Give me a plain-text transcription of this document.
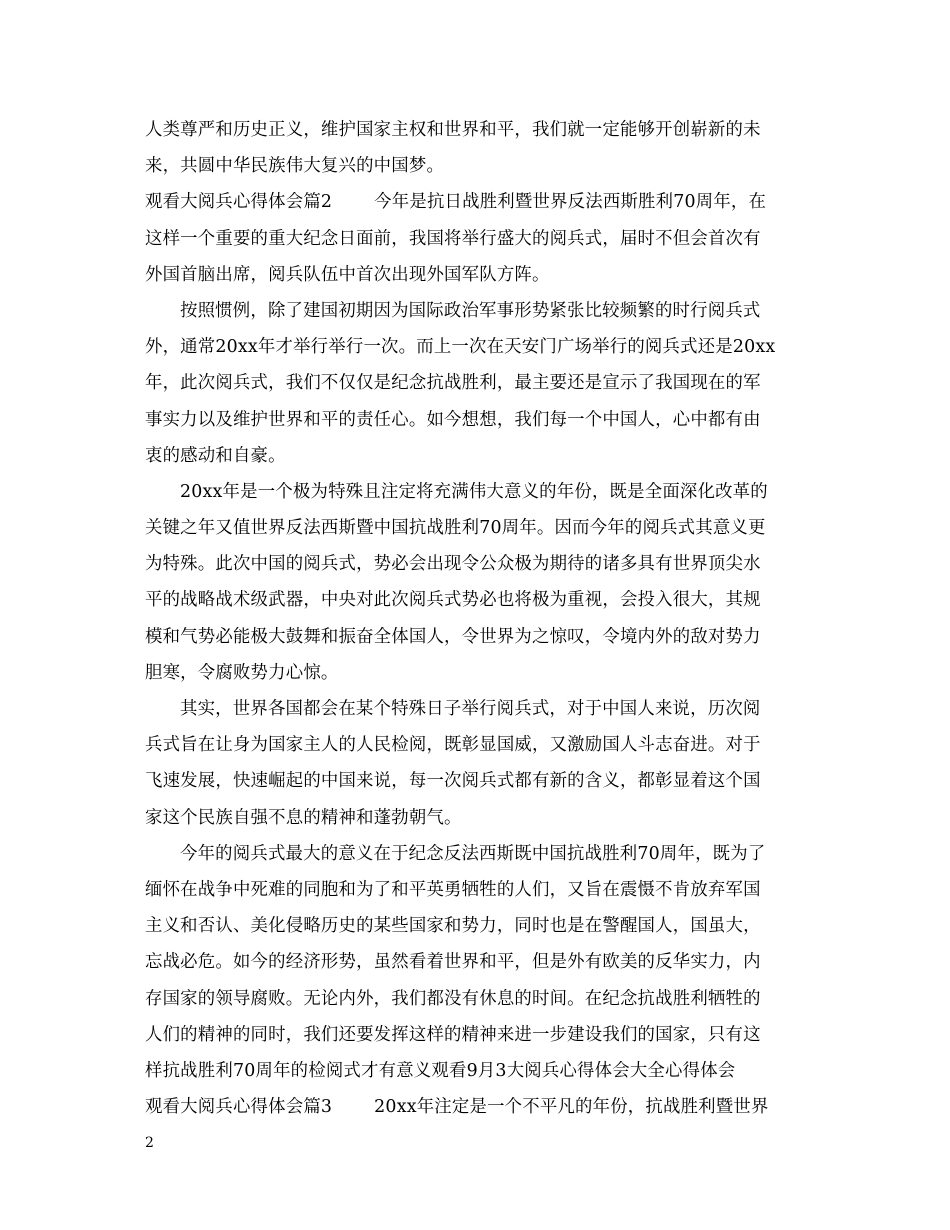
人类尊严和历史正义，维护国家主权和世界和平，我们就一定能够开创崭新的未
来，共圆中华民族伟大复兴的中国梦。
观看大阅兵心得体会篇2 今年是抗日战胜利暨世界反法西斯胜利70周年，在
这样一个重要的重大纪念日面前，我国将举行盛大的阅兵式，届时不但会首次有
外国首脑出席，阅兵队伍中首次出现外国军队方阵。
按照惯例，除了建国初期因为国际政治军事形势紧张比较频繁的时行阅兵式
外，通常20xx年才举行举行一次。而上一次在天安门广场举行的阅兵式还是20xx
年，此次阅兵式，我们不仅仅是纪念抗战胜利，最主要还是宣示了我国现在的军
事实力以及维护世界和平的责任心。如今想想，我们每一个中国人，心中都有由
衷的感动和自豪。
20xx年是一个极为特殊且注定将充满伟大意义的年份，既是全面深化改革的
关键之年又值世界反法西斯暨中国抗战胜利70周年。因而今年的阅兵式其意义更
为特殊。此次中国的阅兵式，势必会出现令公众极为期待的诸多具有世界顶尖水
平的战略战术级武器，中央对此次阅兵式势必也将极为重视，会投入很大，其规
模和气势必能极大鼓舞和振奋全体国人，令世界为之惊叹，令境内外的敌对势力
胆寒，令腐败势力心惊。
其实，世界各国都会在某个特殊日子举行阅兵式，对于中国人来说，历次阅
兵式旨在让身为国家主人的人民检阅，既彰显国威，又激励国人斗志奋进。对于
飞速发展，快速崛起的中国来说，每一次阅兵式都有新的含义，都彰显着这个国
家这个民族自强不息的精神和蓬勃朝气。
今年的阅兵式最大的意义在于纪念反法西斯既中国抗战胜利70周年，既为了
缅怀在战争中死难的同胞和为了和平英勇牺牲的人们，又旨在震慑不肯放弃军国
主义和否认、美化侵略历史的某些国家和势力，同时也是在警醒国人，国虽大，
忘战必危。如今的经济形势，虽然看着世界和平，但是外有欧美的反华实力，内
存国家的领导腐败。无论内外，我们都没有休息的时间。在纪念抗战胜利牺牲的
人们的精神的同时，我们还要发挥这样的精神来进一步建设我们的国家，只有这
样抗战胜利70周年的检阅式才有意义观看9月3大阅兵心得体会大全心得体会
观看大阅兵心得体会篇3 20xx年注定是一个不平凡的年份，抗战胜利暨世界
2
